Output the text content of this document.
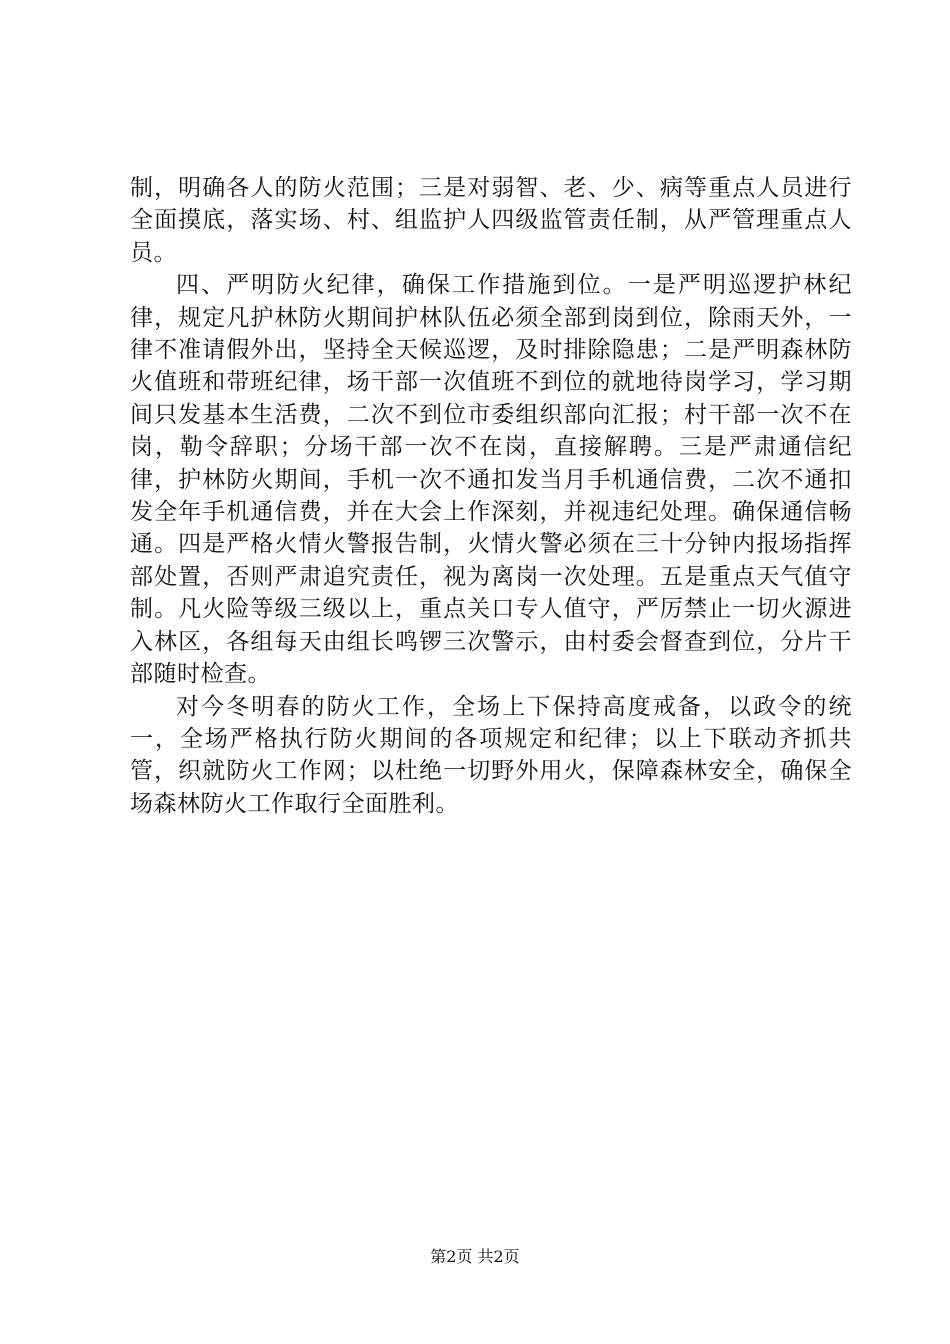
制，明确各人的防火范围；三是对弱智、老、少、病等重点人员进行全面摸底，落实场、村、组监护人四级监管责任制，从严管理重点人员。

四、严明防火纪律，确保工作措施到位。一是严明巡逻护林纪律，规定凡护林防火期间护林队伍必须全部到岗到位，除雨天外，一律不准请假外出，坚持全天候巡逻，及时排除隐患；二是严明森林防火值班和带班纪律，场干部一次值班不到位的就地待岗学习，学习期间只发基本生活费，二次不到位市委组织部向汇报；村干部一次不在岗，勒令辞职；分场干部一次不在岗，直接解聘。三是严肃通信纪律，护林防火期间，手机一次不通扣发当月手机通信费，二次不通扣发全年手机通信费，并在大会上作深刻，并视违纪处理。确保通信畅通。四是严格火情火警报告制，火情火警必须在三十分钟内报场指挥部处置，否则严肃追究责任，视为离岗一次处理。五是重点天气值守制。凡火险等级三级以上，重点关口专人值守，严厉禁止一切火源进入林区，各组每天由组长鸣锣三次警示，由村委会督查到位，分片干部随时检查。

对今冬明春的防火工作，全场上下保持高度戒备，以政令的统一，全场严格执行防火期间的各项规定和纪律；以上下联动齐抓共管，织就防火工作网；以杜绝一切野外用火，保障森林安全，确保全场森林防火工作取行全面胜利。

第2页 共2页
